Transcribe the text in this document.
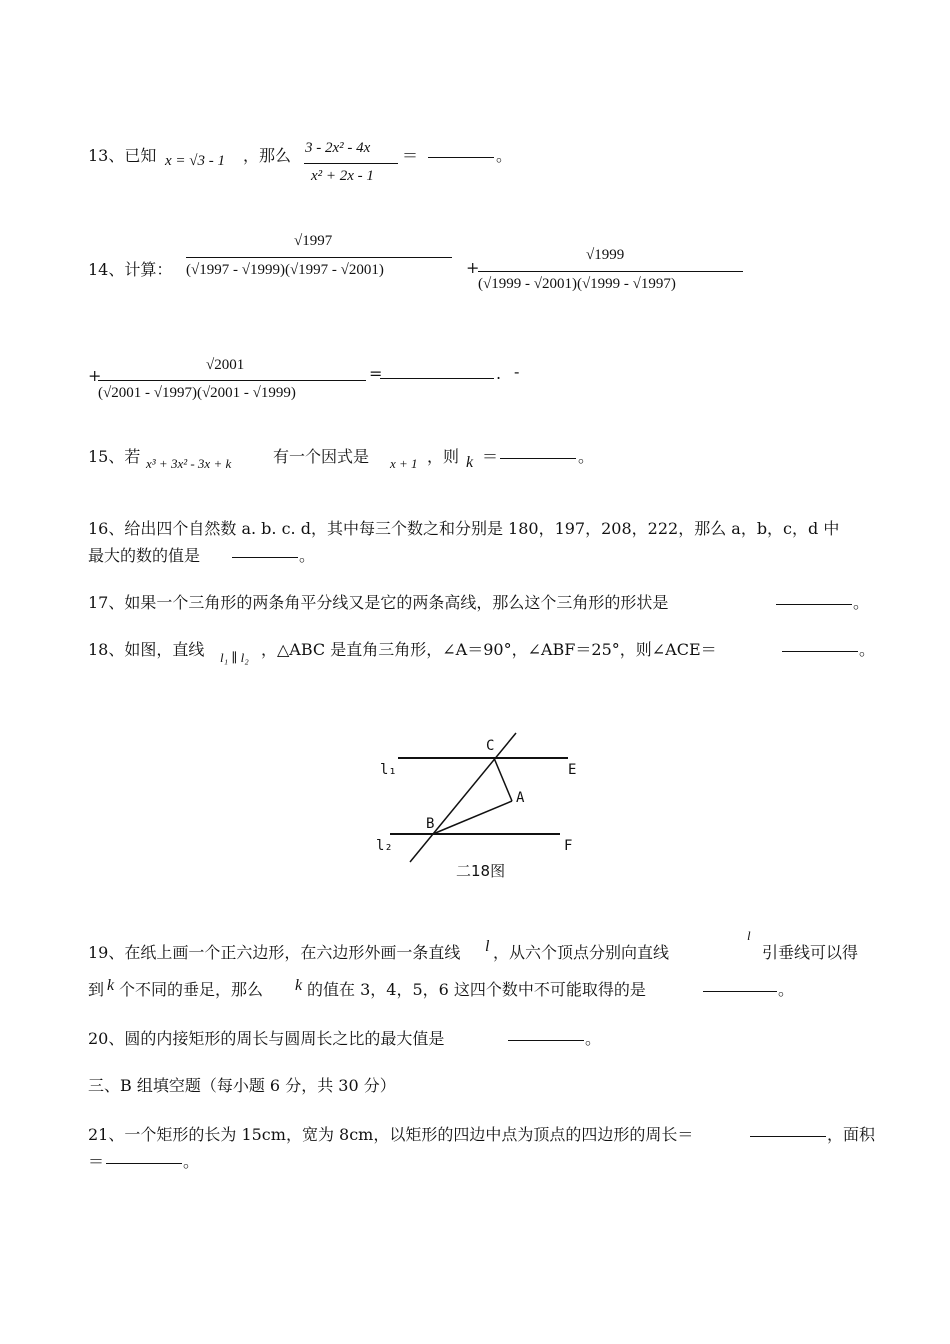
13、已知 x = √3 - 1 ，那么 3 - 2x² - 4x
x² + 2x - 1
＝	。
14、计算：
√1997
(√1997 - √1999)(√1997 - √2001)	+
√1999
(√1999 - √2001)(√1999 - √1997)
+
√2001
(√2001 - √1997)(√2001 - √1999)
=	. -
15、若 x³ + 3x² - 3x + k	有一个因式是 x + 1 ，则 k ＝	。
16、给出四个自然数 a. b. c. d，其中每三个数之和分别是 180，197，208，222，那么 a，b，c，d 中
最大的数的值是	。
17、如果一个三角形的两条角平分线又是它的两条高线，那么这个三角形的形状是	。
18、如图，直线 l₁ ∥ l₂ ，△ABC 是直角三角形，∠A＝90°，∠ABF＝25°，则∠ACE＝	。
C
l₁	E
A
B
l₂	F
二18图
19、在纸上画一个正六边形，在六边形外画一条直线 l ，从六个顶点分别向直线
l
引垂线可以得
到 k 个不同的垂足，那么 k 的值在 3，4，5，6 这四个数中不可能取得的是	。
20、圆的内接矩形的周长与圆周长之比的最大值是	。
三、B 组填空题（每小题 6 分，共 30 分）
21、一个矩形的长为 15cm，宽为 8cm，以矩形的四边中点为顶点的四边形的周长＝	，面积
＝	。
